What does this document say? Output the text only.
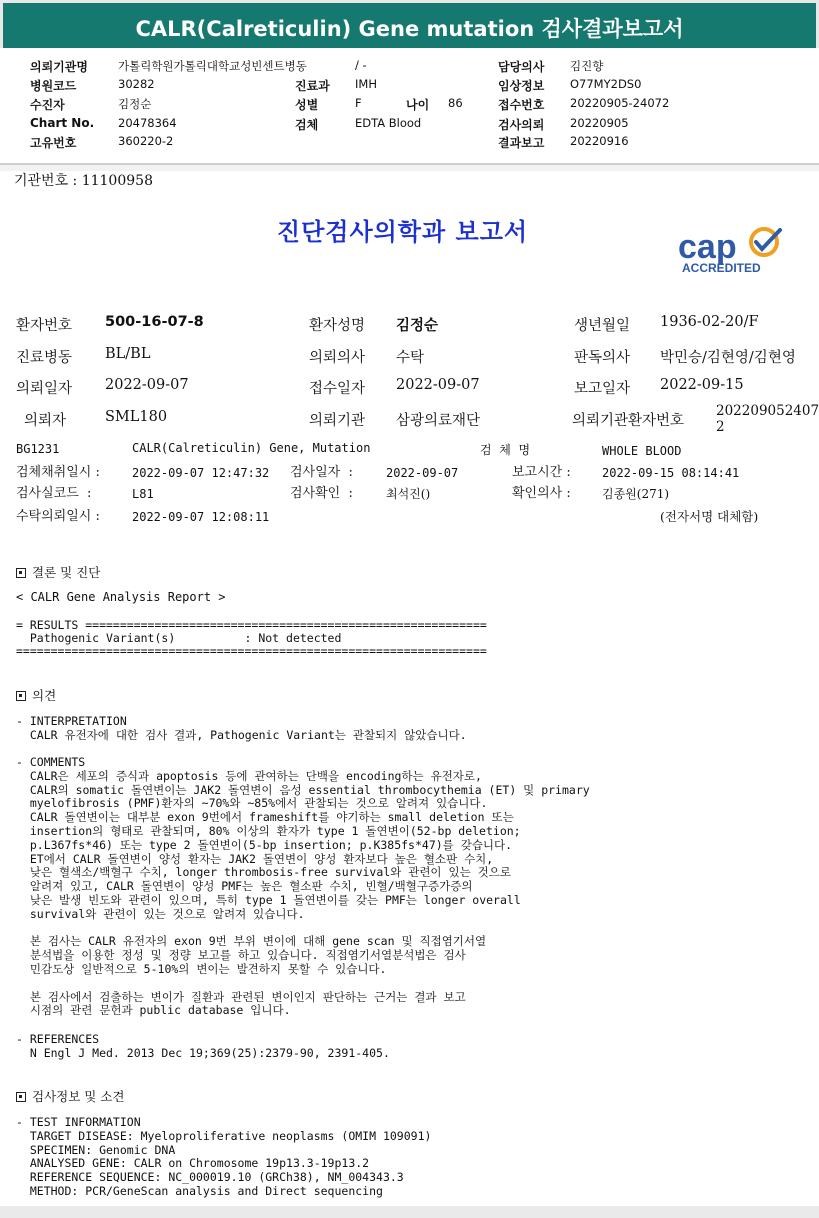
CALR(Calreticulin) Gene mutation 검사결과보고서
의뢰기관명	가톨릭학원가톨릭대학교성빈센트병동	/ -	담당의사 김진향
병원코드	30282	진료과 IMH	임상정보 O77MY2DS0
수진자	김정순	성별	F	나이 86	접수번호 20220905-24072
Chart No. 20478364	검체	EDTA Blood	검사의뢰 20220905
고유번호	360220-2	결과보고 20220916
기관번호 : 11100958
진단검사의학과 보고서	cap
ACCREDITED
환자번호 500-16-07-8	환자성명 김정순	생년월일 1936-02-20/F
진료병동 BL/BL	의뢰의사 수탁	판독의사 박민승/김현영/김현영
의뢰일자 2022-09-07	접수일자 2022-09-07	보고일자 2022-09-15
의뢰자	SML180	의뢰기관 삼광의료재단	의뢰기관환자번호
202209052407
2
BG1231	CALR(Calreticulin) Gene, Mutation	검  체  명	WHOLE BLOOD
검체채취일시 :	2022-09-07 12:47:32 검사일자  :	2022-09-07	보고시간 :	2022-09-15 08:14:41
검사실코드  :	L81	검사확인  :	최석진()	확인의사 :	김종원(271)
수탁의뢰일시 :	2022-09-07 12:08:11	(전자서명 대체함)
결론 및 진단
< CALR Gene Analysis Report >
= RESULTS ==========================================================
Pathogenic Variant(s)          : Not detected
====================================================================
의견
- INTERPRETATION
CALR 유전자에 대한 검사 결과, Pathogenic Variant는 관찰되지 않았습니다.
- COMMENTS
CALR은 세포의 증식과 apoptosis 등에 관여하는 단백을 encoding하는 유전자로,
CALR의 somatic 돌연변이는 JAK2 돌연변이 음성 essential thrombocythemia (ET) 및 primary
myelofibrosis (PMF)환자의 ~70%와 ~85%에서 관찰되는 것으로 알려져 있습니다.
CALR 돌연변이는 대부분 exon 9번에서 frameshift를 야기하는 small deletion 또는
insertion의 형태로 관찰되며, 80% 이상의 환자가 type 1 돌연변이(52-bp deletion;
p.L367fs*46) 또는 type 2 돌연변이(5-bp insertion; p.K385fs*47)를 갖습니다.
ET에서 CALR 돌연변이 양성 환자는 JAK2 돌연변이 양성 환자보다 높은 혈소판 수치,
낮은 혈색소/백혈구 수치, longer thrombosis-free survival와 관련이 있는 것으로
알려져 있고, CALR 돌연변이 양성 PMF는 높은 혈소판 수치, 빈혈/백혈구증가증의
낮은 발생 빈도와 관련이 있으며, 특히 type 1 돌연변이를 갖는 PMF는 longer overall
survival와 관련이 있는 것으로 알려져 있습니다.

본 검사는 CALR 유전자의 exon 9번 부위 변이에 대해 gene scan 및 직접염기서열
분석법을 이용한 정성 및 정량 보고를 하고 있습니다. 직접염기서열분석법은 검사
민감도상 일반적으로 5-10%의 변이는 발견하지 못할 수 있습니다.

본 검사에서 검출하는 변이가 질환과 관련된 변이인지 판단하는 근거는 결과 보고
시점의 관련 문헌과 public database 입니다.
- REFERENCES
N Engl J Med. 2013 Dec 19;369(25):2379-90, 2391-405.
검사정보 및 소견
- TEST INFORMATION
TARGET DISEASE: Myeloproliferative neoplasms (OMIM 109091)
SPECIMEN: Genomic DNA
ANALYSED GENE: CALR on Chromosome 19p13.3-19p13.2
REFERENCE SEQUENCE: NC_000019.10 (GRCh38), NM_004343.3
METHOD: PCR/GeneScan analysis and Direct sequencing
